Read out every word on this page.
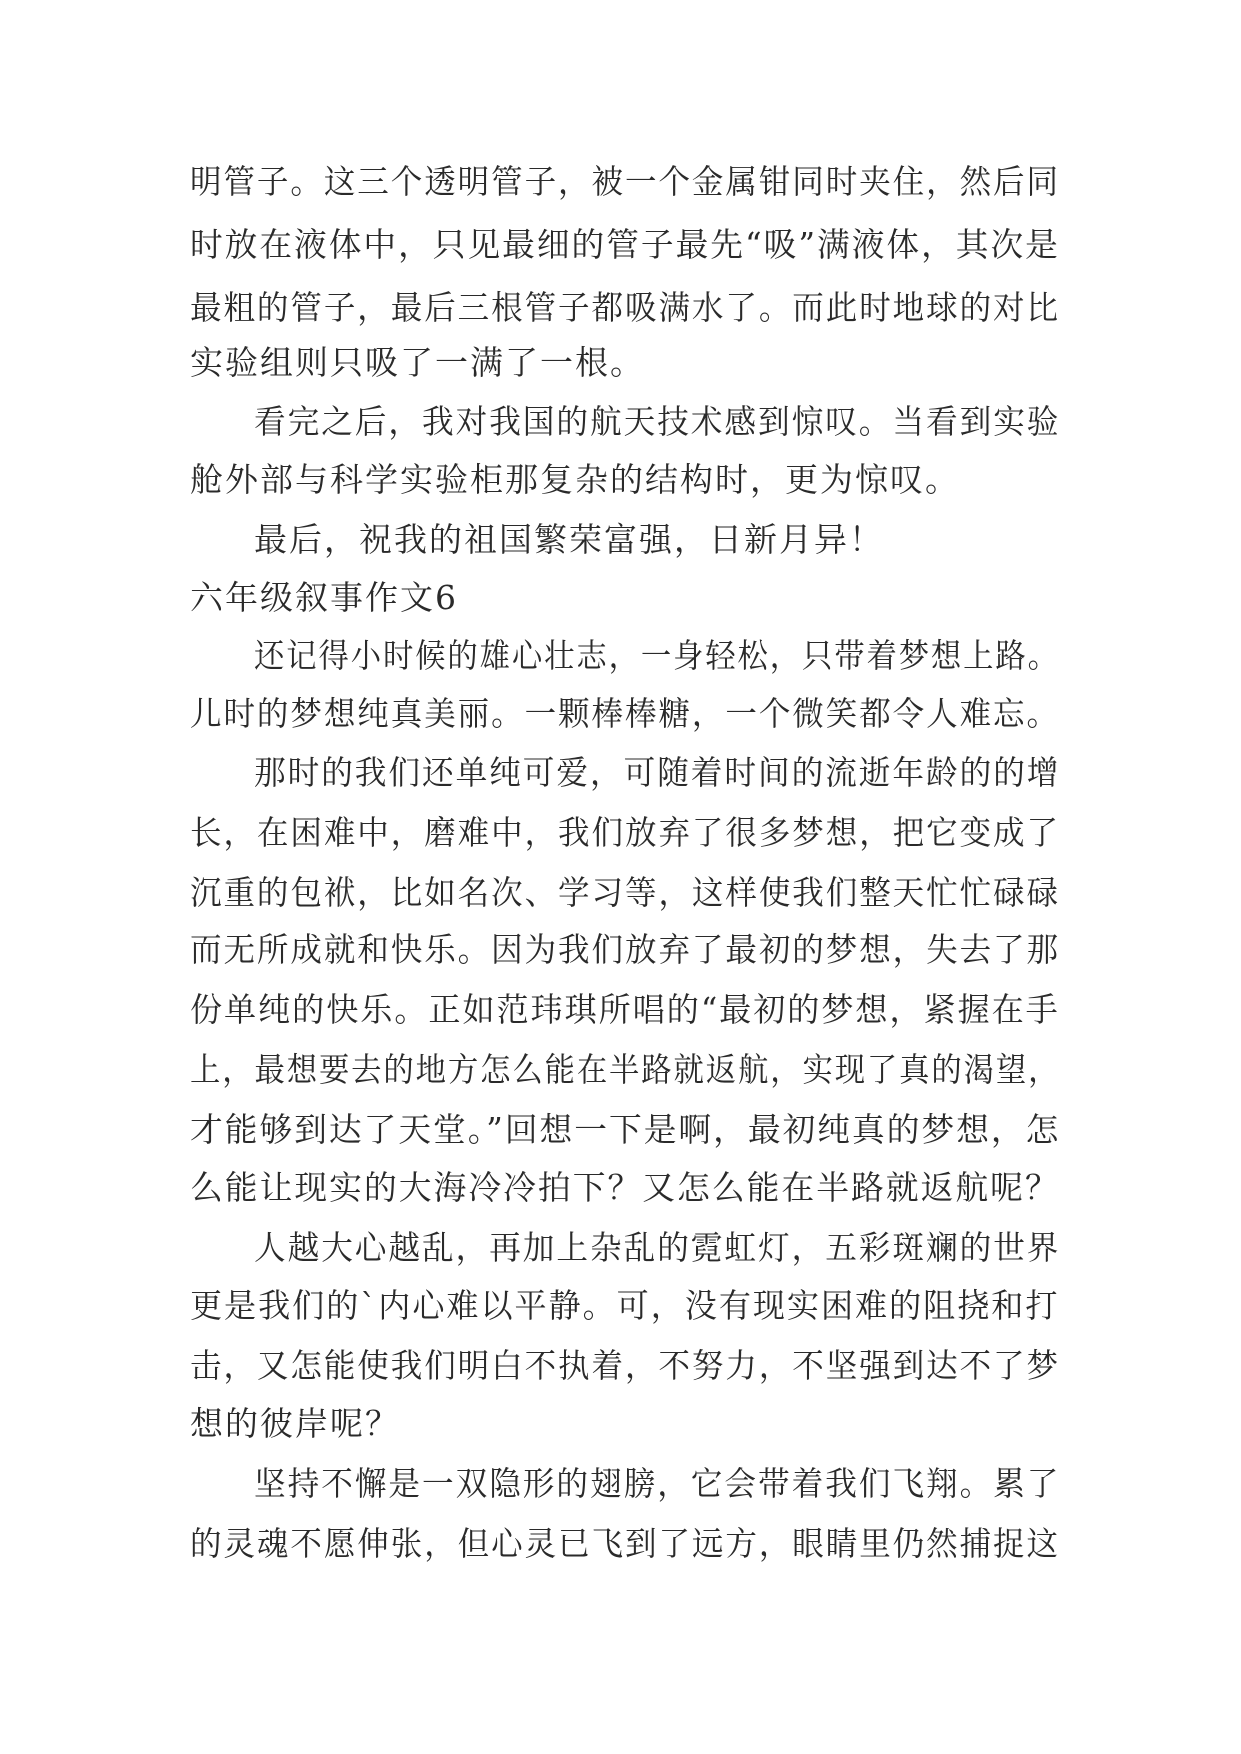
明管子。这三个透明管子，被一个金属钳同时夹住，然后同
时放在液体中，只见最细的管子最先“吸”满液体，其次是
最粗的管子，最后三根管子都吸满水了。而此时地球的对比
实验组则只吸了一满了一根。
看完之后，我对我国的航天技术感到惊叹。当看到实验
舱外部与科学实验柜那复杂的结构时，更为惊叹。
最后，祝我的祖国繁荣富强，日新月异！
六年级叙事作文6
还记得小时候的雄心壮志，一身轻松，只带着梦想上路。
儿时的梦想纯真美丽。一颗棒棒糖，一个微笑都令人难忘。
那时的我们还单纯可爱，可随着时间的流逝年龄的的增
长，在困难中，磨难中，我们放弃了很多梦想，把它变成了
沉重的包袱，比如名次、学习等，这样使我们整天忙忙碌碌
而无所成就和快乐。因为我们放弃了最初的梦想，失去了那
份单纯的快乐。正如范玮琪所唱的“最初的梦想，紧握在手
上，最想要去的地方怎么能在半路就返航，实现了真的渴望，
才能够到达了天堂。”回想一下是啊，最初纯真的梦想，怎
么能让现实的大海冷冷拍下？又怎么能在半路就返航呢？
人越大心越乱，再加上杂乱的霓虹灯，五彩斑斓的世界
更是我们的`内心难以平静。可，没有现实困难的阻挠和打
击，又怎能使我们明白不执着，不努力，不坚强到达不了梦
想的彼岸呢？
坚持不懈是一双隐形的翅膀，它会带着我们飞翔。累了
的灵魂不愿伸张，但心灵已飞到了远方，眼睛里仍然捕捉这
